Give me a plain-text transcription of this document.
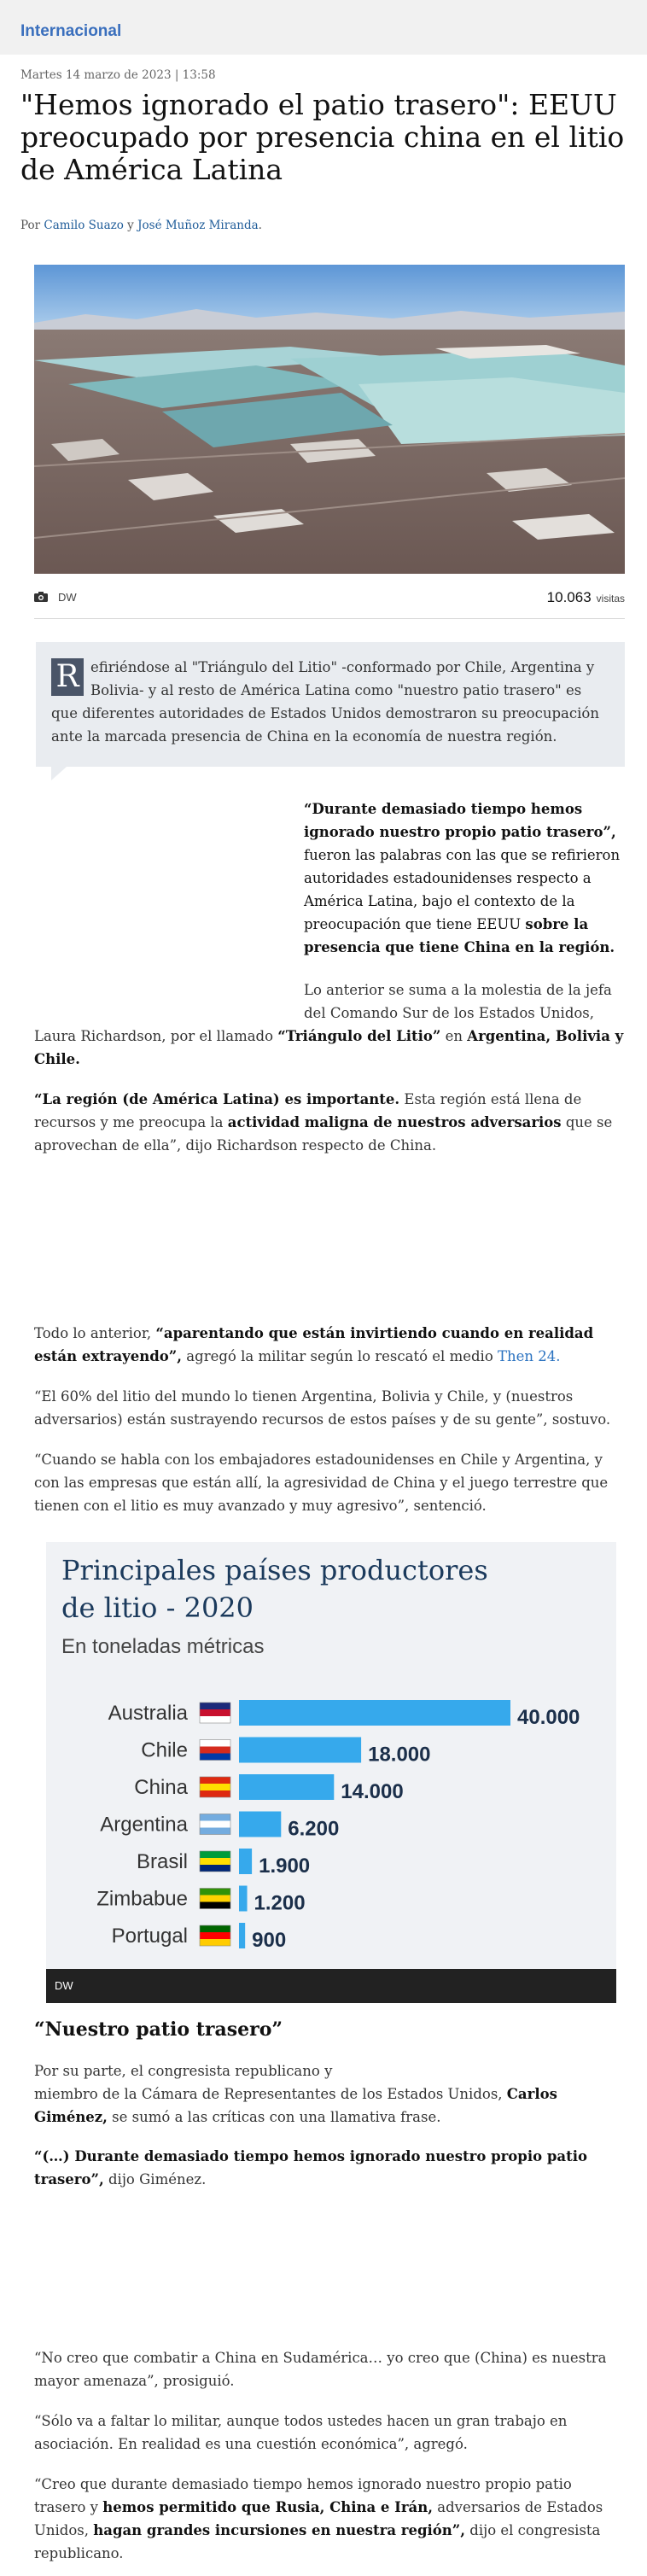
Internacional
Martes 14 marzo de 2023 | 13:58
"Hemos ignorado el patio trasero": EEUU preocupado por presencia china en el litio de América Latina
Por Camilo Suazo y José Muñoz Miranda.
DW	10.063 visitas
R efiriéndose al "Triángulo del Litio" -conformado por Chile, Argentina y Bolivia- y al resto de América Latina como "nuestro patio trasero" es que diferentes autoridades de Estados Unidos demostraron su preocupación ante la marcada presencia de China en la economía de nuestra región.

“Durante demasiado tiempo hemos ignorado nuestro propio patio trasero”, fueron las palabras con las que se refirieron autoridades estadounidenses respecto a América Latina, bajo el contexto de la preocupación que tiene EEUU sobre la presencia que tiene China en la región.

Lo anterior se suma a la molestia de la jefa del Comando Sur de los Estados Unidos,

Laura Richardson, por el llamado “Triángulo del Litio” en Argentina, Bolivia y Chile.

“La región (de América Latina) es importante. Esta región está llena de recursos y me preocupa la actividad maligna de nuestros adversarios que se aprovechan de ella”, dijo Richardson respecto de China.

Todo lo anterior, “aparentando que están invirtiendo cuando en realidad están extrayendo”, agregó la militar según lo rescató el medio Then 24.

“El 60% del litio del mundo lo tienen Argentina, Bolivia y Chile, y (nuestros adversarios) están sustrayendo recursos de estos países y de su gente”, sostuvo.

“Cuando se habla con los embajadores estadounidenses en Chile y Argentina, y con las empresas que están allí, la agresividad de China y el juego terrestre que tienen con el litio es muy avanzado y muy agresivo”, sentenció.

Principales países productores de litio - 2020
En toneladas métricas
Australia	40.000
Chile	18.000
China	14.000
Argentina	6.200
Brasil	1.900
Zimbabue	1.200
Portugal	900
DW
“Nuestro patio trasero”

Por su parte, el congresista republicano y

miembro de la Cámara de Representantes de los Estados Unidos, Carlos Giménez, se sumó a las críticas con una llamativa frase.

“(…) Durante demasiado tiempo hemos ignorado nuestro propio patio trasero”, dijo Giménez.

“No creo que combatir a China en Sudamérica… yo creo que (China) es nuestra mayor amenaza”, prosiguió.

“Sólo va a faltar lo militar, aunque todos ustedes hacen un gran trabajo en asociación. En realidad es una cuestión económica”, agregó.

“Creo que durante demasiado tiempo hemos ignorado nuestro propio patio trasero y hemos permitido que Rusia, China e Irán, adversarios de Estados Unidos, hagan grandes incursiones en nuestra región”, dijo el congresista republicano.
